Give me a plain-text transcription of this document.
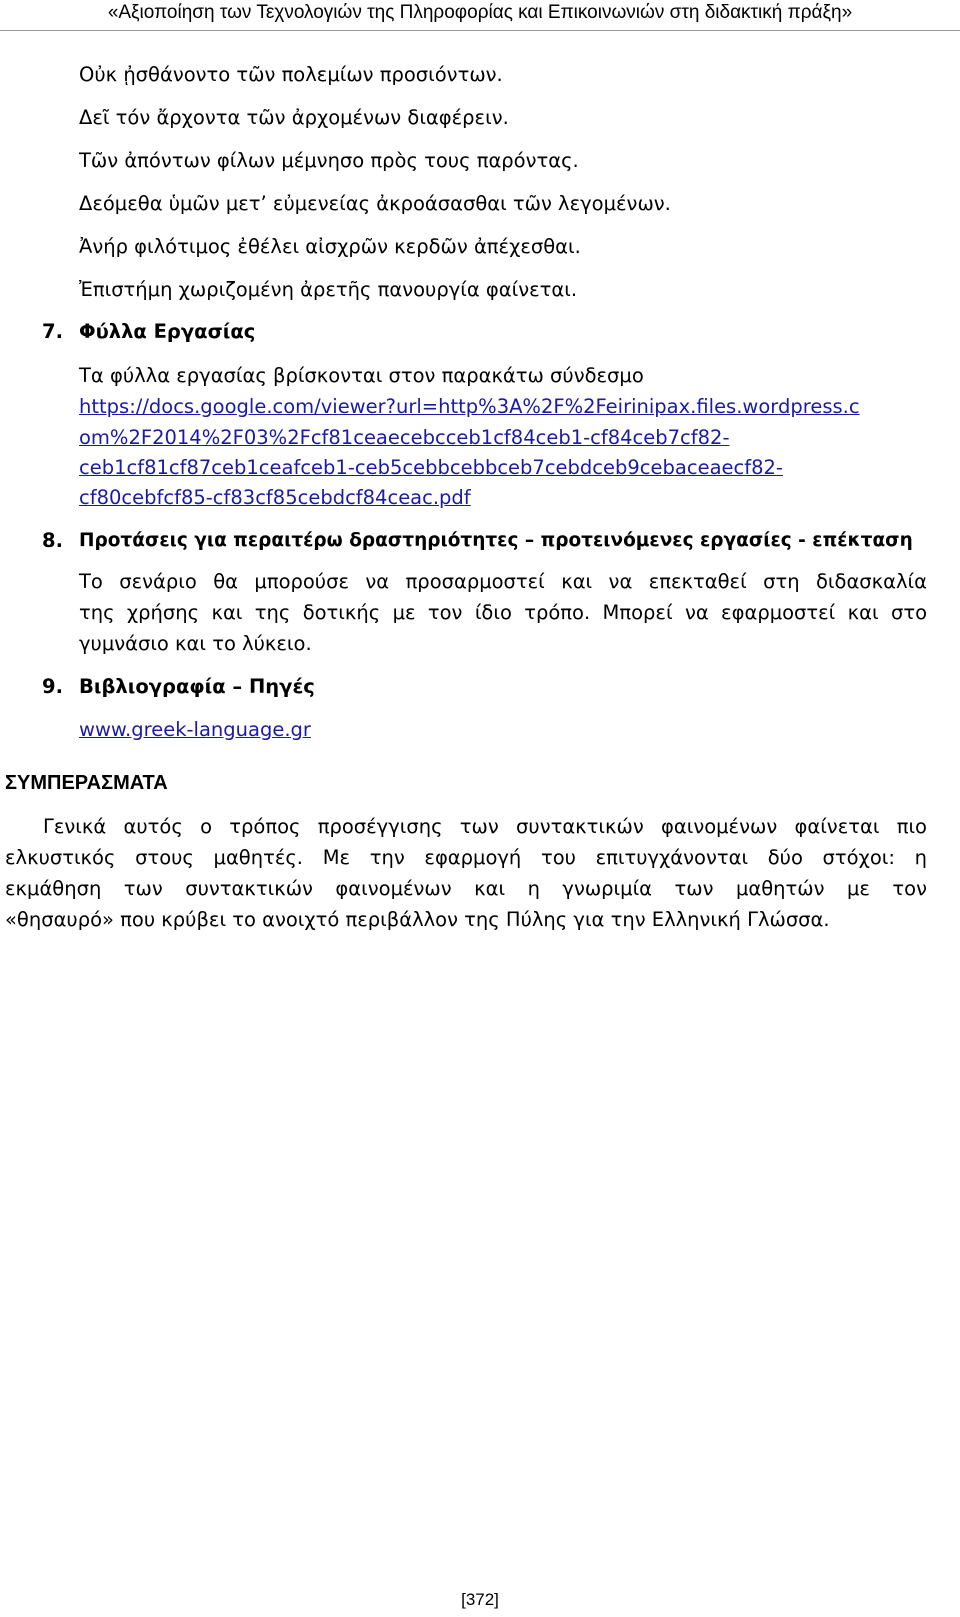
«Αξιοποίηση των Τεχνολογιών της Πληροφορίας και Επικοινωνιών στη διδακτική πράξη»
Οὐκ ᾐσθάνοντο τῶν πολεμίων προσιόντων.
Δεῖ τόν ἄρχοντα τῶν ἀρχομένων διαφέρειν.
Τῶν ἀπόντων φίλων μέμνησο πρὸς τους παρόντας.
Δεόμεθα ὑμῶν μετ’ εὐμενείας ἀκροάσασθαι τῶν λεγομένων.
Ἀνήρ φιλότιμος ἐθέλει αἰσχρῶν κερδῶν ἀπέχεσθαι.
Ἐπιστήμη χωριζομένη ἀρετῆς πανουργία φαίνεται.
7. Φύλλα Εργασίας
Τα φύλλα εργασίας βρίσκονται στον παρακάτω σύνδεσμο
https://docs.google.com/viewer?url=http%3A%2F%2Feirinipax.files.wordpress.c
om%2F2014%2F03%2Fcf81ceaecebcceb1cf84ceb1-cf84ceb7cf82-
ceb1cf81cf87ceb1ceafceb1-ceb5cebbcebbceb7cebdceb9cebaceaecf82-
cf80cebfcf85-cf83cf85cebdcf84ceac.pdf
8. Προτάσεις για περαιτέρω δραστηριότητες – προτεινόμενες εργασίες - επέκταση
Το σενάριο θα μπορούσε να προσαρμοστεί και να επεκταθεί στη διδασκαλία
της χρήσης και της δοτικής με τον ίδιο τρόπο. Μπορεί να εφαρμοστεί και στο
γυμνάσιο και το λύκειο.
9. Βιβλιογραφία – Πηγές
www.greek-language.gr
ΣΥΜΠΕΡΑΣΜΑΤΑ
Γενικά αυτός ο τρόπος προσέγγισης των συντακτικών φαινομένων φαίνεται πιο
ελκυστικός στους μαθητές. Με την εφαρμογή του επιτυγχάνονται δύο στόχοι: η
εκμάθηση των συντακτικών φαινομένων και η γνωριμία των μαθητών με τον
«θησαυρό» που κρύβει το ανοιχτό περιβάλλον της Πύλης για την Ελληνική Γλώσσα.
[372]
